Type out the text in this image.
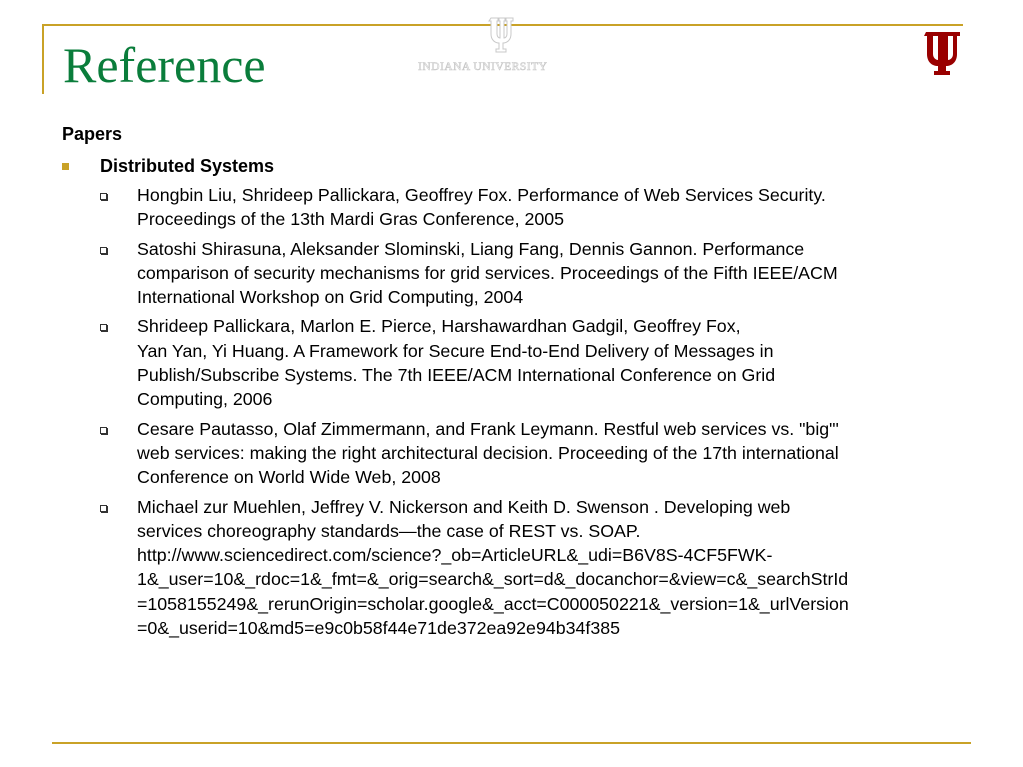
Reference	INDIANA UNIVERSITY
Papers
Distributed Systems
Hongbin Liu, Shrideep Pallickara, Geoffrey Fox. Performance of Web Services Security.
Proceedings of the 13th Mardi Gras Conference, 2005
Satoshi Shirasuna, Aleksander Slominski, Liang Fang, Dennis Gannon. Performance
comparison of security mechanisms for grid services. Proceedings of the Fifth IEEE/ACM
International Workshop on Grid Computing, 2004
Shrideep Pallickara, Marlon E. Pierce, Harshawardhan Gadgil, Geoffrey Fox,
Yan Yan, Yi Huang. A Framework for Secure End-to-End Delivery of Messages in
Publish/Subscribe Systems. The 7th IEEE/ACM International Conference on Grid
Computing, 2006
Cesare Pautasso, Olaf Zimmermann, and Frank Leymann. Restful web services vs. "big"'
web services: making the right architectural decision. Proceeding of the 17th international
Conference on World Wide Web, 2008
Michael zur Muehlen, Jeffrey V. Nickerson and Keith D. Swenson . Developing web
services choreography standards—the case of REST vs. SOAP.
http://www.sciencedirect.com/science?_ob=ArticleURL&_udi=B6V8S-4CF5FWK-
1&_user=10&_rdoc=1&_fmt=&_orig=search&_sort=d&_docanchor=&view=c&_searchStrId
=1058155249&_rerunOrigin=scholar.google&_acct=C000050221&_version=1&_urlVersion
=0&_userid=10&md5=e9c0b58f44e71de372ea92e94b34f385
